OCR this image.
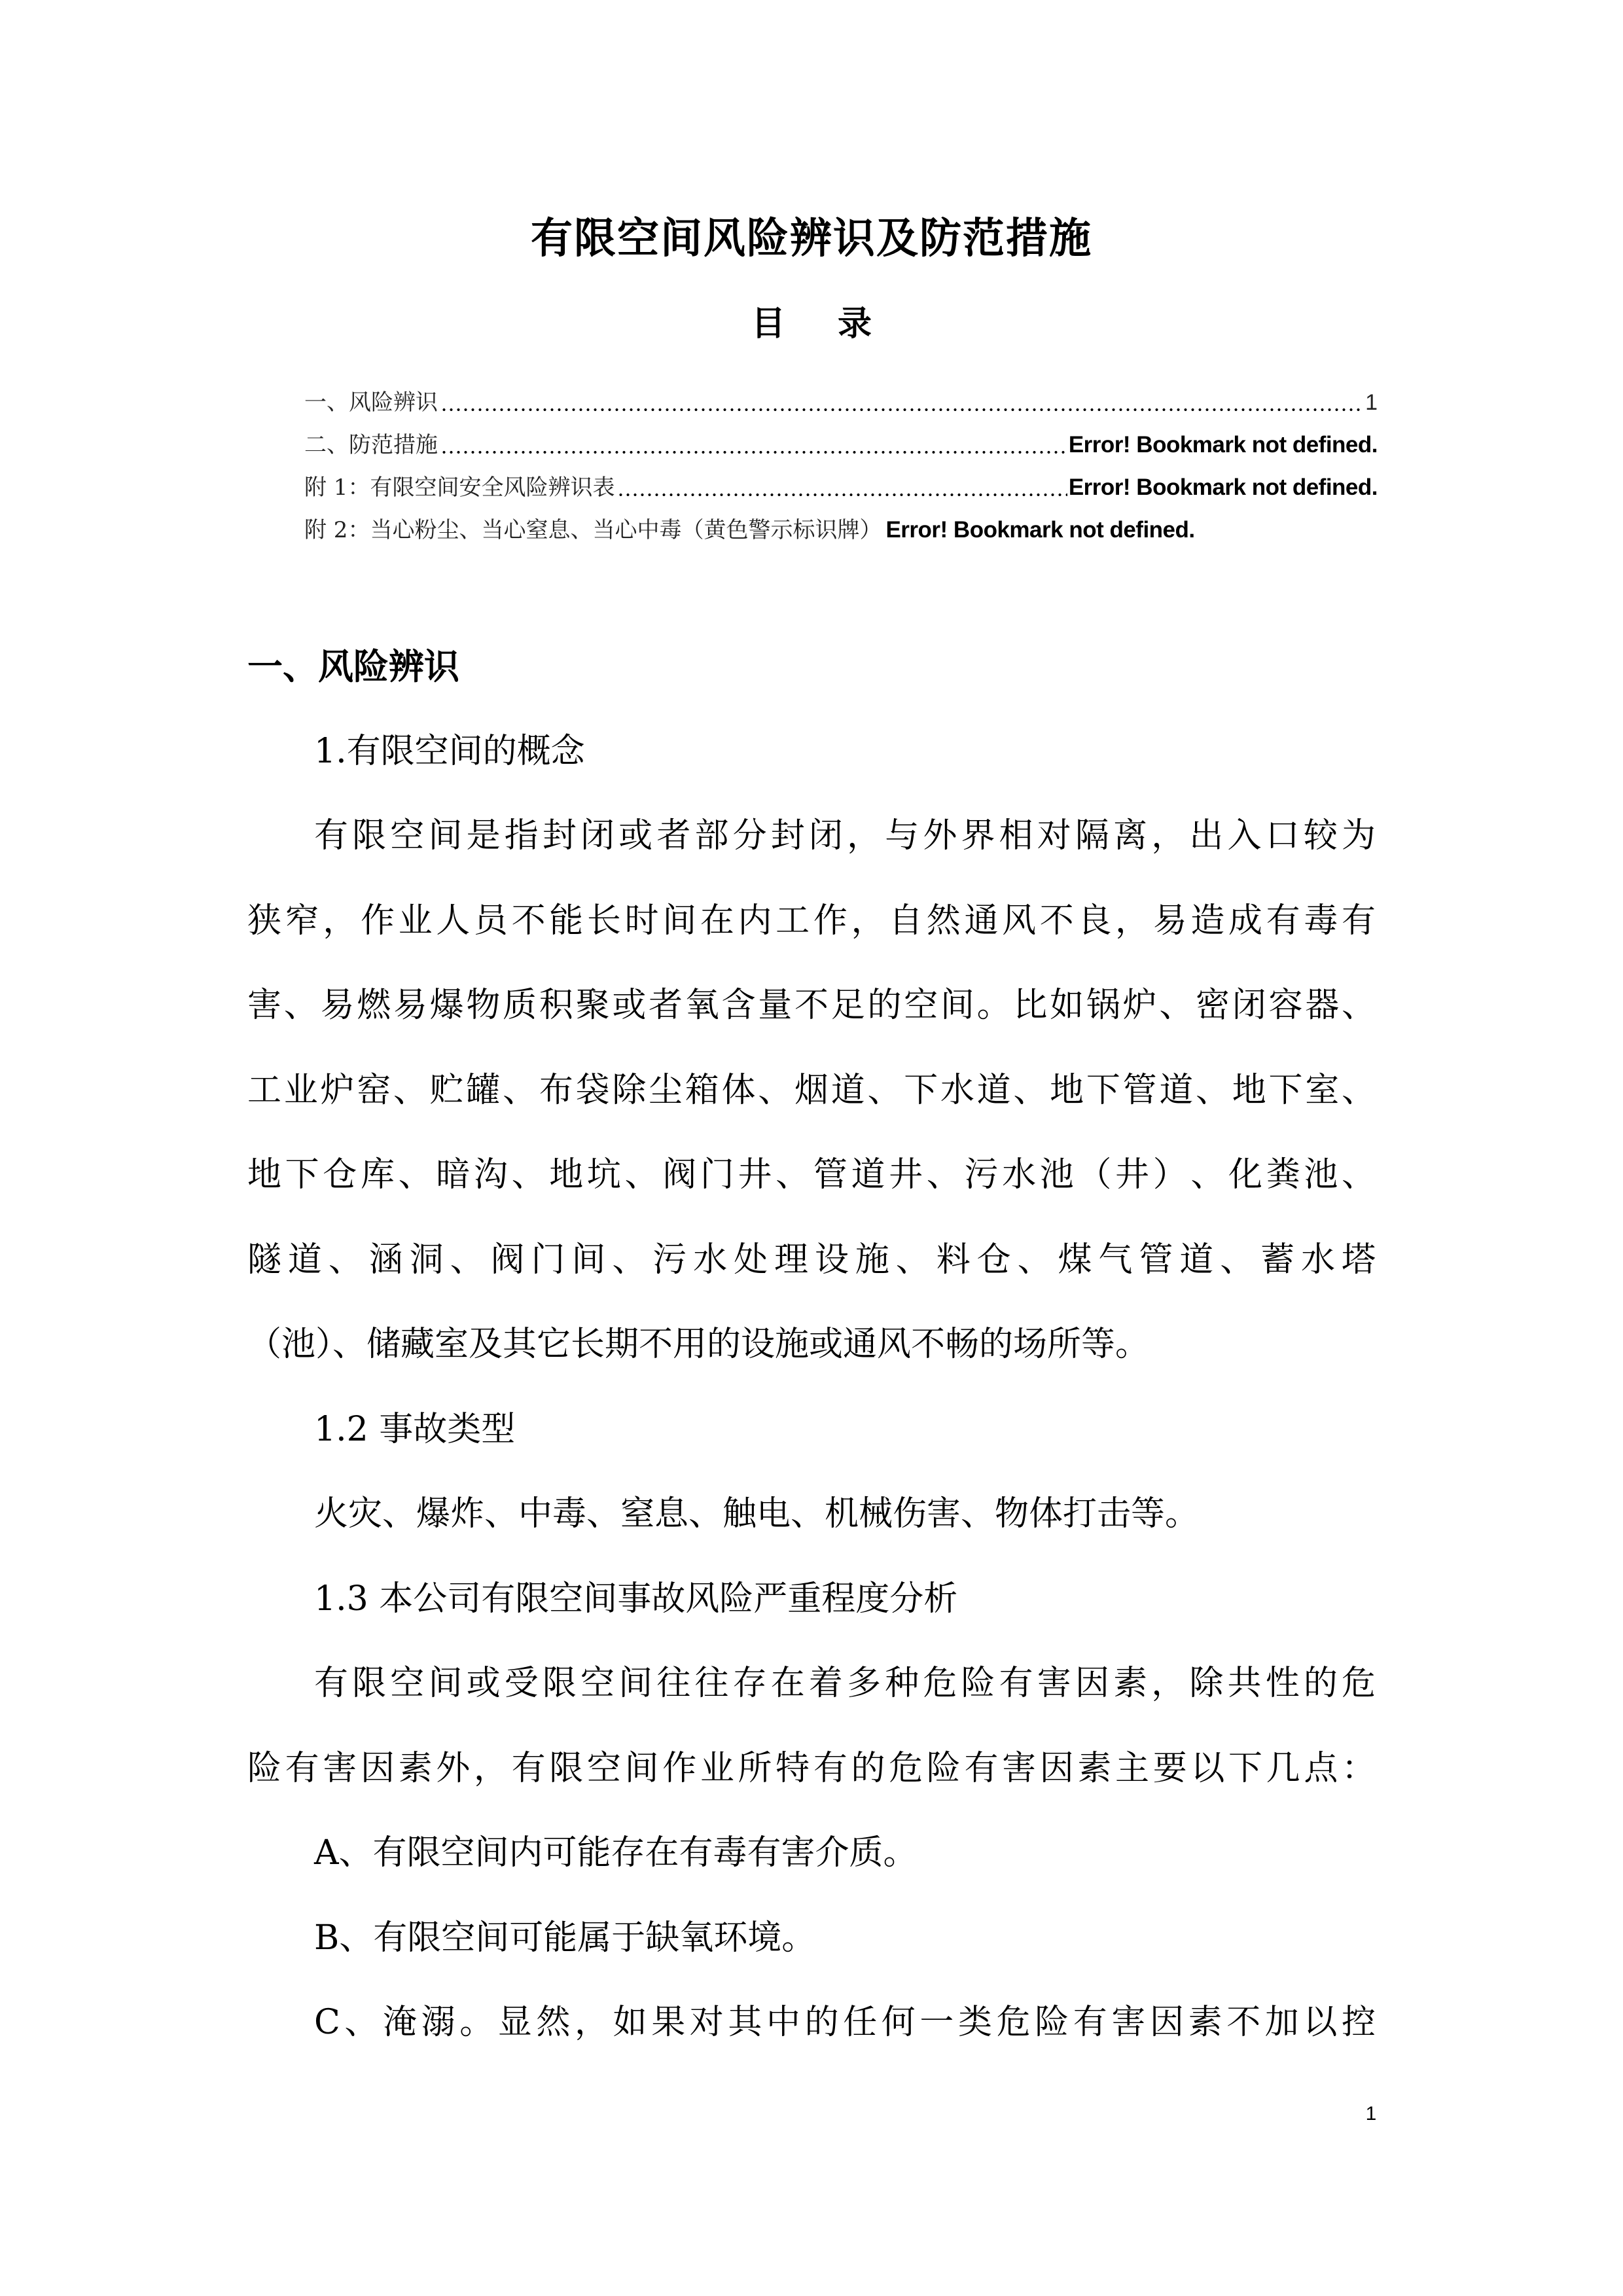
有限空间风险辨识及防范措施
目 录
一、风险辨识	1
二、防范措施	Error! Bookmark not defined.
附 1：有限空间安全风险辨识表	Error! Bookmark not defined.
附 2：当心粉尘、当心窒息、当心中毒（黄色警示标识牌） Error! Bookmark not defined.
一、风险辨识
1.有限空间的概念
有​限​空​间​是​指​封​闭​或​者​部​分​封​闭​，​与​外​界​相​对​隔​离​，​出​入​口​较​为
狭​窄​，​作​业​人​员​不​能​长​时​间​在​内​工​作​，​自​然​通​风​不​良​，​易​造​成​有​毒​有
害​、​易​燃​易​爆​物​质​积​聚​或​者​氧​含​量​不​足​的​空​间​。​比​如​锅​炉​、​密​闭​容​器​、
工​业​炉​窑​、​贮​罐​、​布​袋​除​尘​箱​体​、​烟​道​、​下​水​道​、​地​下​管​道​、​地​下​室​、
地​下​仓​库​、​暗​沟​、​地​坑​、​阀​门​井​、​管​道​井​、​污​水​池​（​井​）​、​化​粪​池​、
隧​道​、​涵​洞​、​阀​门​间​、​污​水​处​理​设​施​、​料​仓​、​煤​气​管​道​、​蓄​水​塔
（池）、储藏室及其它长期不用的设施或通风不畅的场所等。
1.2 事故类型
火灾、爆炸、中毒、窒息、触电、机械伤害、物体打击等。
1.3 本公司有限空间事故风险严重程度分析
有​限​空​间​或​受​限​空​间​往​往​存​在​着​多​种​危​险​有​害​因​素​，​除​共​性​的​危
险​有​害​因​素​外​，​有​限​空​间​作​业​所​特​有​的​危​险​有​害​因​素​主​要​以​下​几​点​：
A、有限空间内可能存在有毒有害介质。
B、有限空间可能属于缺氧环境。
C​、​淹​溺​。​显​然​，​如​果​对​其​中​的​任​何​一​类​危​险​有​害​因​素​不​加​以​控
1
